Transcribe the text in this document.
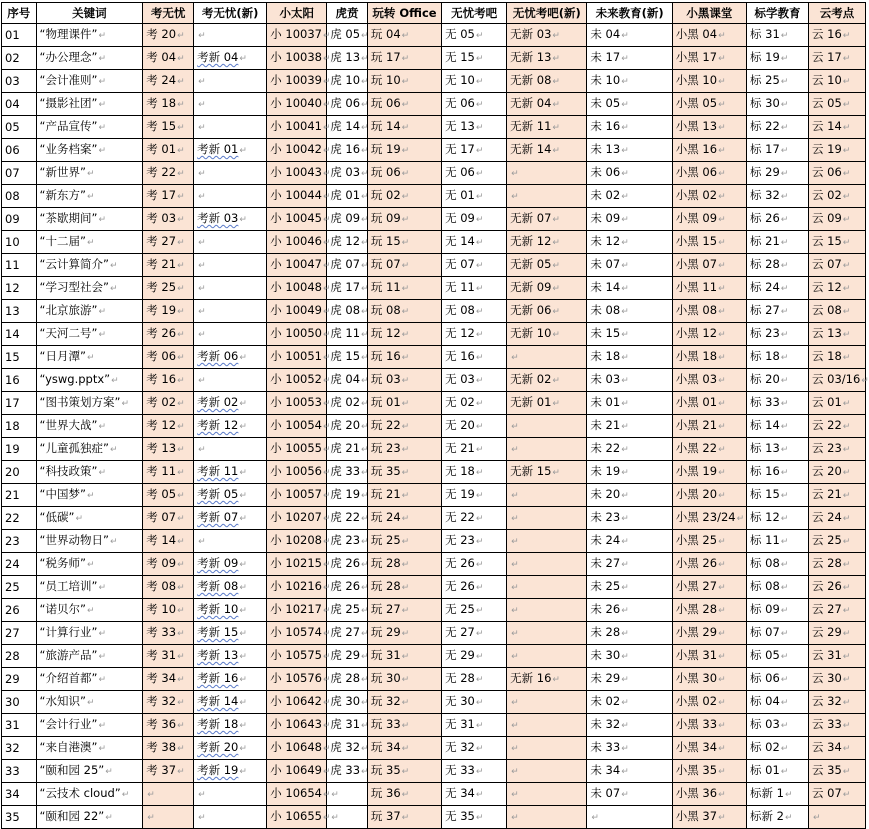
序号	关键词	考无忧	考无忧(新)	小太阳	虎贲	玩转 Office	无忧考吧	无忧考吧(新)	未来教育(新)	小黑课堂	标学教育	云考点
01	“物理课件”↵	考 20↵	↵	小 10037↵	虎 05↵	玩 04↵	无 05↵	无新 03↵	未 04↵	小黑 04↵	标 31↵	云 16↵
02	“办公理念”↵	考 04↵	考新 04↵	小 10038↵	虎 13↵	玩 17↵	无 15↵	无新 13↵	未 17↵	小黑 17↵	标 19↵	云 17↵
03	“会计准则”↵	考 24↵	↵	小 10039↵	虎 10↵	玩 10↵	无 10↵	无新 08↵	未 10↵	小黑 10↵	标 25↵	云 10↵
04	“摄影社团”↵	考 18↵	↵	小 10040↵	虎 06↵	玩 06↵	无 06↵	无新 04↵	未 05↵	小黑 05↵	标 30↵	云 05↵
05	“产品宣传”↵	考 15↵	↵	小 10041↵	虎 14↵	玩 14↵	无 13↵	无新 11↵	未 16↵	小黑 13↵	标 22↵	云 14↵
06	“业务档案”↵	考 01↵	考新 01↵	小 10042↵	虎 16↵	玩 19↵	无 17↵	无新 14↵	未 13↵	小黑 16↵	标 17↵	云 19↵
07	“新世界”↵	考 22↵	↵	小 10043↵	虎 03↵	玩 06↵	无 06↵	↵	未 06↵	小黑 06↵	标 29↵	云 06↵
08	“新东方”↵	考 17↵	↵	小 10044↵	虎 01↵	玩 02↵	无 01↵	↵	未 02↵	小黑 02↵	标 32↵	云 02↵
09	“茶歇期间”↵	考 03↵	考新 03↵	小 10045↵	虎 09↵	玩 09↵	无 09↵	无新 07↵	未 09↵	小黑 09↵	标 26↵	云 09↵
10	“十二届”↵	考 27↵	↵	小 10046↵	虎 12↵	玩 15↵	无 14↵	无新 12↵	未 12↵	小黑 15↵	标 21↵	云 15↵
11	“云计算简介”↵	考 21↵	↵	小 10047↵	虎 07↵	玩 07↵	无 07↵	无新 05↵	未 07↵	小黑 07↵	标 28↵	云 07↵
12	“学习型社会”↵	考 25↵	↵	小 10048↵	虎 17↵	玩 11↵	无 11↵	无新 09↵	未 14↵	小黑 11↵	标 24↵	云 12↵
13	“北京旅游”↵	考 19↵	↵	小 10049↵	虎 08↵	玩 08↵	无 08↵	无新 06↵	未 08↵	小黑 08↵	标 27↵	云 08↵
14	“天河二号”↵	考 26↵	↵	小 10050↵	虎 11↵	玩 12↵	无 12↵	无新 10↵	未 15↵	小黑 12↵	标 23↵	云 13↵
15	“日月潭”↵	考 06↵	考新 06↵	小 10051↵	虎 15↵	玩 16↵	无 16↵	↵	未 18↵	小黑 18↵	标 18↵	云 18↵
16	“yswg.pptx”↵	考 16↵	↵	小 10052↵	虎 04↵	玩 03↵	无 03↵	无新 02↵	未 03↵	小黑 03↵	标 20↵	云 03/16↵
17	“图书策划方案”↵	考 02↵	考新 02↵	小 10053↵	虎 02↵	玩 01↵	无 02↵	无新 01↵	未 01↵	小黑 01↵	标 33↵	云 01↵
18	“世界大战”↵	考 12↵	考新 12↵	小 10054↵	虎 20↵	玩 22↵	无 20↵	↵	未 21↵	小黑 21↵	标 14↵	云 22↵
19	“儿童孤独症”↵	考 13↵	↵	小 10055↵	虎 21↵	玩 23↵	无 21↵	↵	未 22↵	小黑 22↵	标 13↵	云 23↵
20	“科技政策”↵	考 11↵	考新 11↵	小 10056↵	虎 33↵	玩 35↵	无 18↵	无新 15↵	未 19↵	小黑 19↵	标 16↵	云 20↵
21	“中国梦”↵	考 05↵	考新 05↵	小 10057↵	虎 19↵	玩 21↵	无 19↵	↵	未 20↵	小黑 20↵	标 15↵	云 21↵
22	“低碳”↵	考 07↵	考新 07↵	小 10207↵	虎 22↵	玩 24↵	无 22↵	↵	未 23↵	小黑 23/24↵	标 12↵	云 24↵
23	“世界动物日”↵	考 14↵	↵	小 10208↵	虎 23↵	玩 25↵	无 23↵	↵	未 24↵	小黑 25↵	标 11↵	云 25↵
24	“税务师”↵	考 09↵	考新 09↵	小 10215↵	虎 26↵	玩 28↵	无 26↵	↵	未 27↵	小黑 26↵	标 08↵	云 28↵
25	“员工培训”↵	考 08↵	考新 08↵	小 10216↵	虎 26↵	玩 28↵	无 26↵	↵	未 25↵	小黑 27↵	标 08↵	云 26↵
26	“诺贝尔”↵	考 10↵	考新 10↵	小 10217↵	虎 25↵	玩 27↵	无 25↵	↵	未 26↵	小黑 28↵	标 09↵	云 27↵
27	“计算行业”↵	考 33↵	考新 15↵	小 10574↵	虎 27↵	玩 29↵	无 27↵	↵	未 28↵	小黑 29↵	标 07↵	云 29↵
28	“旅游产品”↵	考 31↵	考新 13↵	小 10575↵	虎 29↵	玩 31↵	无 29↵	↵	未 30↵	小黑 31↵	标 05↵	云 31↵
29	“介绍首都”↵	考 34↵	考新 16↵	小 10576↵	虎 28↵	玩 30↵	无 28↵	无新 16↵	未 29↵	小黑 30↵	标 06↵	云 30↵
30	“水知识”↵	考 32↵	考新 14↵	小 10642↵	虎 30↵	玩 32↵	无 30↵	↵	未 02↵	小黑 02↵	标 04↵	云 32↵
31	“会计行业”↵	考 36↵	考新 18↵	小 10643↵	虎 31↵	玩 33↵	无 31↵	↵	未 32↵	小黑 33↵	标 03↵	云 33↵
32	“来自港澳”↵	考 38↵	考新 20↵	小 10648↵	虎 32↵	玩 34↵	无 32↵	↵	未 33↵	小黑 34↵	标 02↵	云 34↵
33	“颐和园 25”↵	考 37↵	考新 19↵	小 10649↵	虎 33↵	玩 35↵	无 33↵	↵	未 34↵	小黑 35↵	标 01↵	云 35↵
34	“云技术 cloud”↵	↵	↵	小 10654↵	↵	玩 36↵	无 34↵	↵	未 07↵	小黑 36↵	标新 1↵	云 07↵
35	“颐和园 22”↵	↵	↵	小 10655↵	↵	玩 37↵	无 35↵	↵	↵	小黑 37↵	标新 2↵	↵
